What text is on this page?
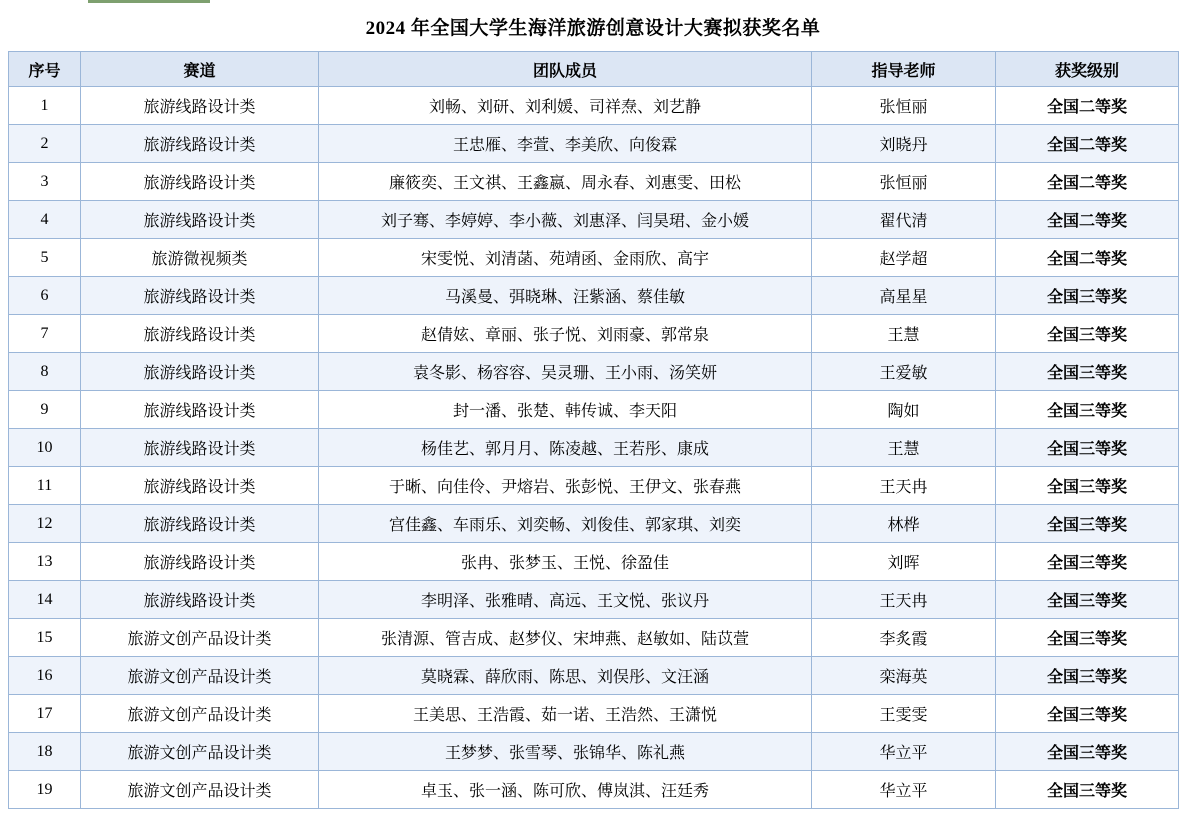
2024 年全国大学生海洋旅游创意设计大赛拟获奖名单
序号	赛道	团队成员	指导老师	获奖级别
1	旅游线路设计类	刘畅、刘研、刘利媛、司祥焘、刘艺静	张恒丽	全国二等奖
2	旅游线路设计类	王忠雁、李萱、李美欣、向俊霖	刘晓丹	全国二等奖
3	旅游线路设计类	廉筱奕、王文祺、王鑫嬴、周永春、刘惠雯、田松	张恒丽	全国二等奖
4	旅游线路设计类	刘子骞、李婷婷、李小薇、刘惠泽、闫昊珺、金小媛	翟代清	全国二等奖
5	旅游微视频类	宋雯悦、刘清菡、苑靖函、金雨欣、高宇	赵学超	全国二等奖
6	旅游线路设计类	马溪曼、弭晓琳、汪紫涵、蔡佳敏	高星星	全国三等奖
7	旅游线路设计类	赵倩妶、章丽、张子悦、刘雨豪、郭常泉	王慧	全国三等奖
8	旅游线路设计类	袁冬影、杨容容、吴灵珊、王小雨、汤笑妍	王爱敏	全国三等奖
9	旅游线路设计类	封一潘、张楚、韩传诚、李天阳	陶如	全国三等奖
10	旅游线路设计类	杨佳艺、郭月月、陈凌越、王若彤、康成	王慧	全国三等奖
11	旅游线路设计类	于晰、向佳伶、尹熔岩、张彭悦、王伊文、张春燕	王天冉	全国三等奖
12	旅游线路设计类	宫佳鑫、车雨乐、刘奕畅、刘俊佳、郭家琪、刘奕	林桦	全国三等奖
13	旅游线路设计类	张冉、张梦玉、王悦、徐盈佳	刘晖	全国三等奖
14	旅游线路设计类	李明泽、张雅晴、高远、王文悦、张议丹	王天冉	全国三等奖
15	旅游文创产品设计类	张清源、管吉成、赵梦仪、宋坤燕、赵敏如、陆苡萱	李炙霞	全国三等奖
16	旅游文创产品设计类	莫晓霖、薛欣雨、陈思、刘俣彤、文汪涵	栾海英	全国三等奖
17	旅游文创产品设计类	王美思、王浩霞、茹一诺、王浩然、王潇悦	王雯雯	全国三等奖
18	旅游文创产品设计类	王梦梦、张雪琴、张锦华、陈礼燕	华立平	全国三等奖
19	旅游文创产品设计类	卓玉、张一涵、陈可欣、傅岚淇、汪廷秀	华立平	全国三等奖
